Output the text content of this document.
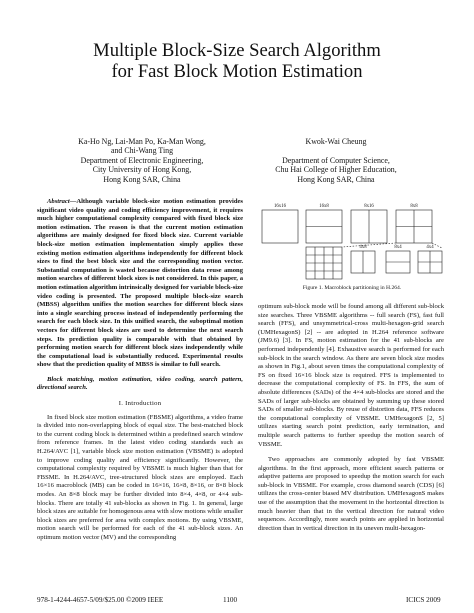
Multiple Block-Size Search Algorithm
for Fast Block Motion Estimation
Ka-Ho Ng, Lai-Man Po, Ka-Man Wong,
and Chi-Wang Ting
Department of Electronic Engineering,
City University of Hong Kong,
Hong Kong SAR, China
Kwok-Wai Cheung
Department of Computer Science,
Chu Hai College of Higher Education,
Hong Kong SAR, China

Abstract—Although variable block-size motion estimation provides significant video quality and coding efficiency improvement, it requires much higher computational complexity compared with fixed block size motion estimation. The reason is that the current motion estimation algorithms are mainly designed for fixed block size. Current variable block-size motion estimation implementation simply applies these existing motion estimation algorithms independently for different block sizes to find the best block size and the corresponding motion vector. Substantial computation is wasted because distortion data reuse among motion searches of different block sizes is not considered. In this paper, a motion estimation algorithm intrinsically designed for variable block-size video coding is presented. The proposed multiple block-size search (MBSS) algorithm unifies the motion searches for different block sizes into a single searching process instead of independently performing the search for each block size. In this unified search, the suboptimal motion vectors for different block sizes are used to determine the next search steps. Its prediction quality is comparable with that obtained by performing motion search for different block sizes independently while the computational load is substantially reduced. Experimental results show that the prediction quality of MBSS is similar to full search.

Block matching, motion estimation, video coding, search pattern, directional search.

I. Introduction

In fixed block size motion estimation (FBSME) algorithms, a video frame is divided into non-overlapping block of equal size. The best-matched block to the current coding block is determined within a predefined search window from reference frames. In the latest video coding standards such as H.264/AVC [1], variable block size motion estimation (VBSME) is adopted to improve coding quality and efficiency significantly. However, the computational complexity required by VBSME is much higher than that for FBSME. In H.264/AVC, tree-structured block sizes are employed. Each 16×16 macroblock (MB) can be coded in 16×16, 16×8, 8×16, or 8×8 block modes. An 8×8 block may be further divided into 8×4, 4×8, or 4×4 sub-blocks. There are totally 41 sub-blocks as shown in Fig. 1. In general, large block sizes are suitable for homogenous area with slow motions while smaller block sizes are preferred for area with complex motions. By using VBSME, motion search will be performed for each of the 41 sub-block sizes. An optimum motion vector (MV) and the corresponding

16x16	16x8	8x16	8x8
4x8	8x4	4x4
Figure 1. Macroblock partitioning in H.264.

optimum sub-block mode will be found among all different sub-block size searches. Three VBSME algorithms -- full search (FS), fast full search (FFS), and unsymmetrical-cross multi-hexagon-grid search (UMHexagonS) [2] -- are adopted in H.264 reference software (JM9.6) [3]. In FS, motion estimation for the 41 sub-blocks are performed independently [4]. Exhaustive search is performed for each sub-block in the search window. As there are seven block size modes as shown in Fig.1, about seven times the computational complexity of FS on fixed 16×16 block size is required. FFS is implemented to decrease the computational complexity of FS. In FFS, the sum of absolute differences (SADs) of the 4×4 sub-blocks are stored and the SADs of larger sub-blocks are obtained by summing up these stored SADs of smaller sub-blocks. By reuse of distortion data, FFS reduces the computational complexity of VBSME. UMHexagonS [2, 5] utilizes starting search point prediction, early termination, and multiple search patterns to further speedup the motion search of VBSME.

Two approaches are commonly adopted by fast VBSME algorithms. In the first approach, more efficient search patterns or adaptive patterns are proposed to speedup the motion search for each sub-block in VBSME. For example, cross diamond search (CDS) [6] utilizes the cross-center biased MV distribution. UMHexagonS makes use of the assumption that the movement in the horizontal direction is much heavier than that in the vertical direction for natural video sequences. Accordingly, more search points are applied in horizontal direction than in vertical direction in its uneven multi-hexagon-

978-1-4244-4657-5/09/$25.00 ©2009 IEEE	1100	ICICS 2009
